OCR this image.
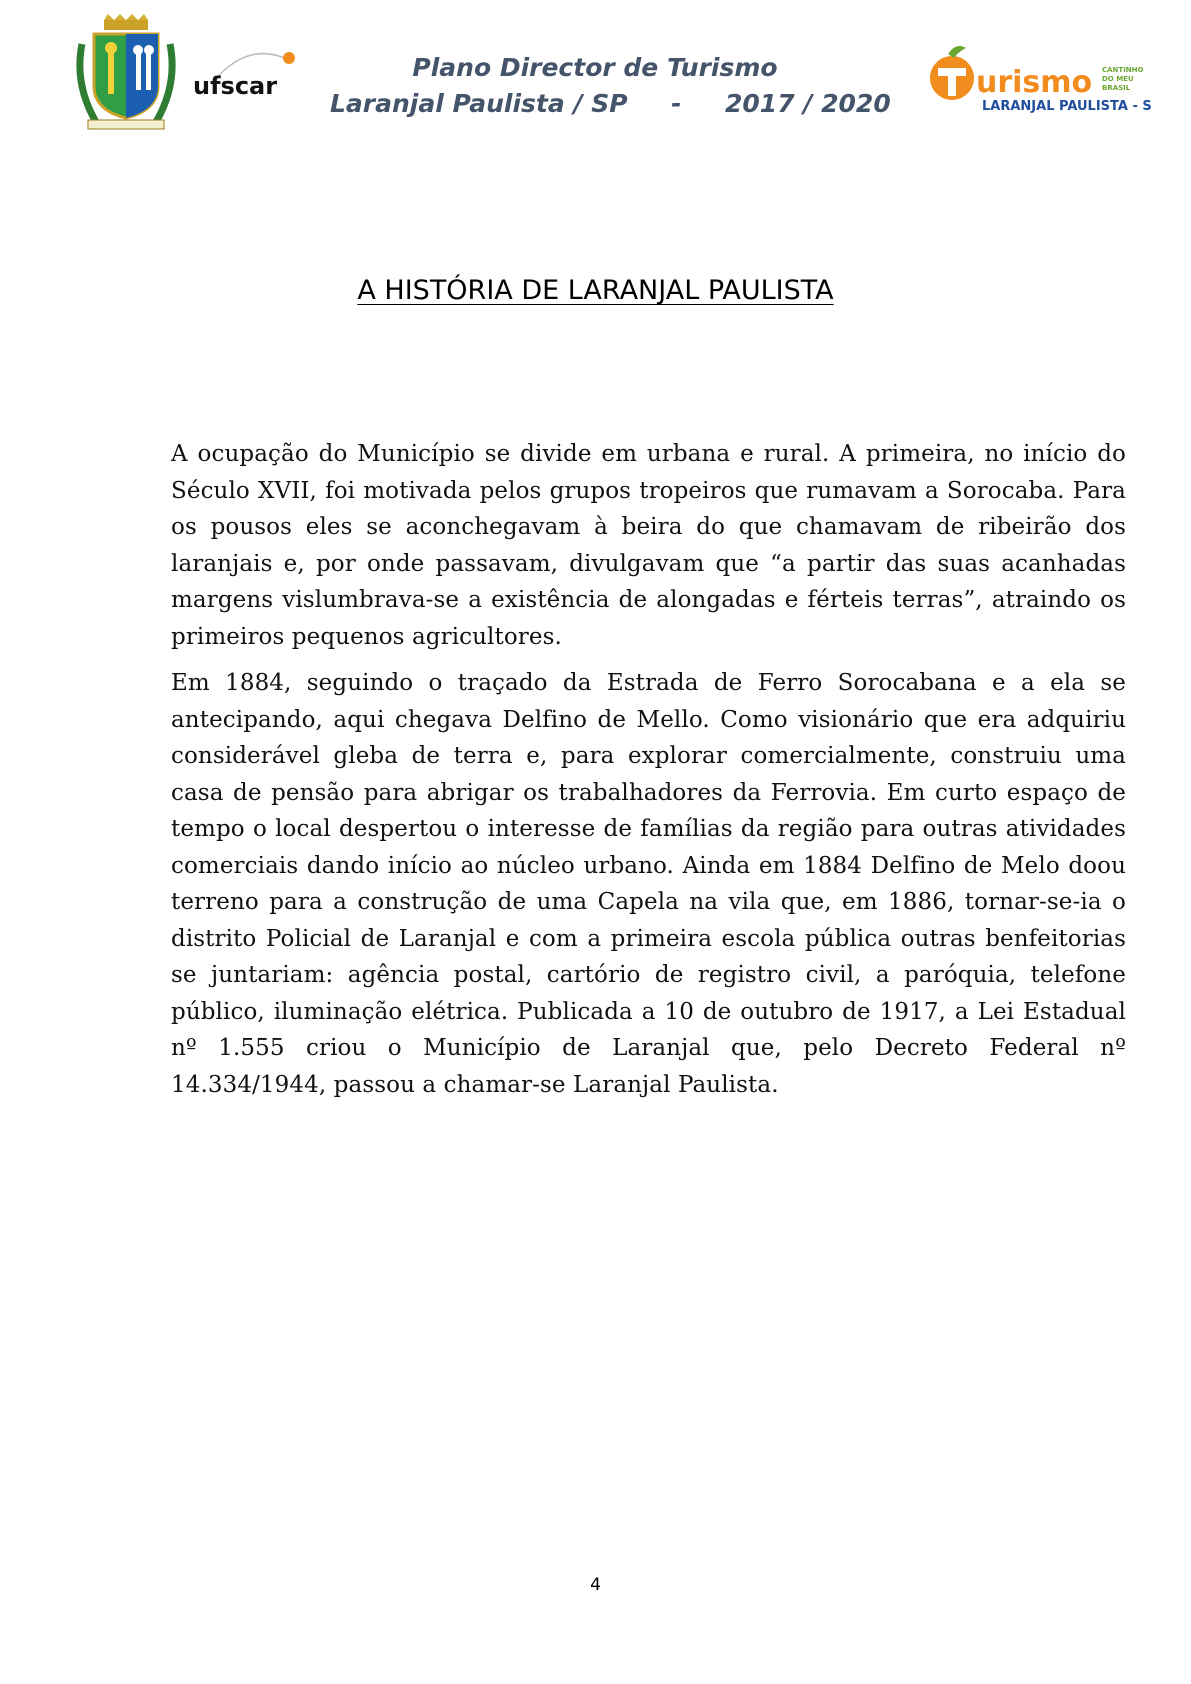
ufscar
Plano Director de Turismo
Laranjal Paulista / SP     -     2017 / 2020
urismo CANTINHO
DO MEU
BRASIL
LARANJAL PAULISTA - SP
A HISTÓRIA DE LARANJAL PAULISTA

A ocupação do Município se divide em urbana e rural. A primeira, no início do Século XVII, foi motivada pelos grupos tropeiros que rumavam a Sorocaba. Para os pousos eles se aconchegavam à beira do que chamavam de ribeirão dos laranjais e, por onde passavam, divulgavam que “a partir das suas acanhadas margens vislumbrava-se a existência de alongadas e férteis terras”, atraindo os primeiros pequenos agricultores.

Em 1884, seguindo o traçado da Estrada de Ferro Sorocabana e a ela se antecipando, aqui chegava Delfino de Mello. Como visionário que era adquiriu considerável gleba de terra e, para explorar comercialmente, construiu uma casa de pensão para abrigar os trabalhadores da Ferrovia. Em curto espaço de tempo o local despertou o interesse de famílias da região para outras atividades comerciais dando início ao núcleo urbano. Ainda em 1884 Delfino de Melo doou terreno para a construção de uma Capela na vila que, em 1886, tornar-se-ia o distrito Policial de Laranjal e com a primeira escola pública outras benfeitorias se juntariam: agência postal, cartório de registro civil, a paróquia, telefone público, iluminação elétrica. Publicada a 10 de outubro de 1917, a Lei Estadual nº 1.555 criou o Município de Laranjal que, pelo Decreto Federal nº 14.334/1944, passou a chamar-se Laranjal Paulista.

4
